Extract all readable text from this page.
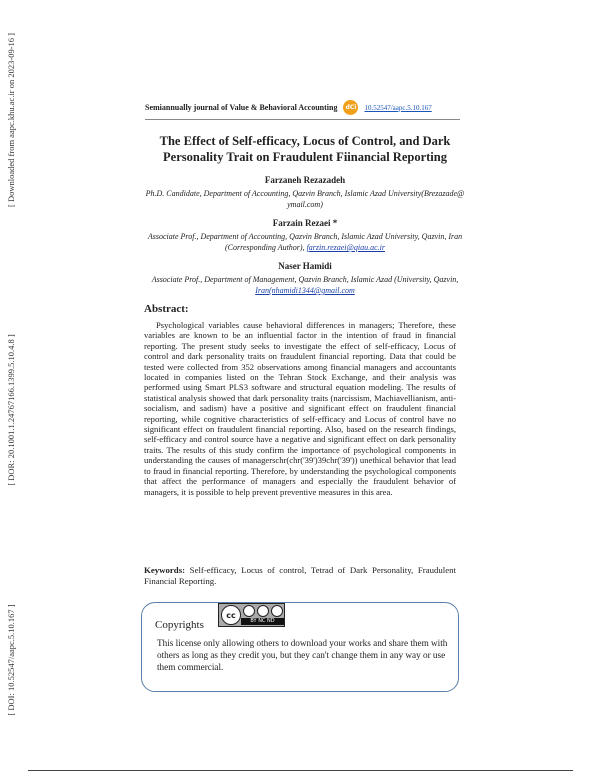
[ Downloaded from aapc.khu.ac.ir on 2023-09-16 ]
[ DOR: 20.1001.1.24767166.1399.5.10.4.8 ]
[ DOI: 10.52547/aapc.5.10.167 ]
Semiannually journal of Value & Behavioral Accounting	dCi	10.52547/aapc.5.10.167
The Effect of Self-efficacy, Locus of Control, and Dark Personality Trait on Fraudulent Fiinancial Reporting
Farzaneh Rezazadeh
Ph.D. Candidate, Department of Accounting, Qazvin Branch, Islamic Azad University(Brezazade@ ymail.com)
Farzain Rezaei *
Associate Prof., Department of Accounting, Qazvin Branch, Islamic Azad University, Qazvin, Iran (Corresponding Author), farzin.rezaei@qiau.ac.ir
Naser Hamidi
Associate Prof., Department of Management, Qazvin Branch, Islamic Azad (University, Qazvin, Iran(nhamidi1344@gmail.com
Abstract:
Psychological variables cause behavioral differences in managers; Therefore, these variables are known to be an influential factor in the intention of fraud in financial reporting. The present study seeks to investigate the effect of self-efficacy, Locus of control and dark personality traits on fraudulent financial reporting. Data that could be tested were collected from 352 observations among financial managers and accountants located in companies listed on the Tehran Stock Exchange, and their analysis was performed using Smart PLS3 software and structural equation modeling. The results of statistical analysis showed that dark personality traits (narcissism, Machiavellianism, anti-socialism, and sadism) have a positive and significant effect on fraudulent financial reporting, while cognitive characteristics of self-efficacy and Locus of control have no significant effect on fraudulent financial reporting. Also, based on the research findings, self-efficacy and control source have a negative and significant effect on dark personality traits. The results of this study confirm the importance of psychological components in understanding the causes of managerschr(chr('39')39chr('39')) unethical behavior that lead to fraud in financial reporting. Therefore, by understanding the psychological components that affect the performance of managers and especially the fraudulent behavior of managers, it is possible to help prevent preventive measures in this area.
Keywords: Self-efficacy, Locus of control, Tetrad of Dark Personality, Fraudulent Financial Reporting.
Copyrights
cc
BY NC ND
This license only allowing others to download your works and share them with others as long as they credit you, but they can't change them in any way or use them commercial.
